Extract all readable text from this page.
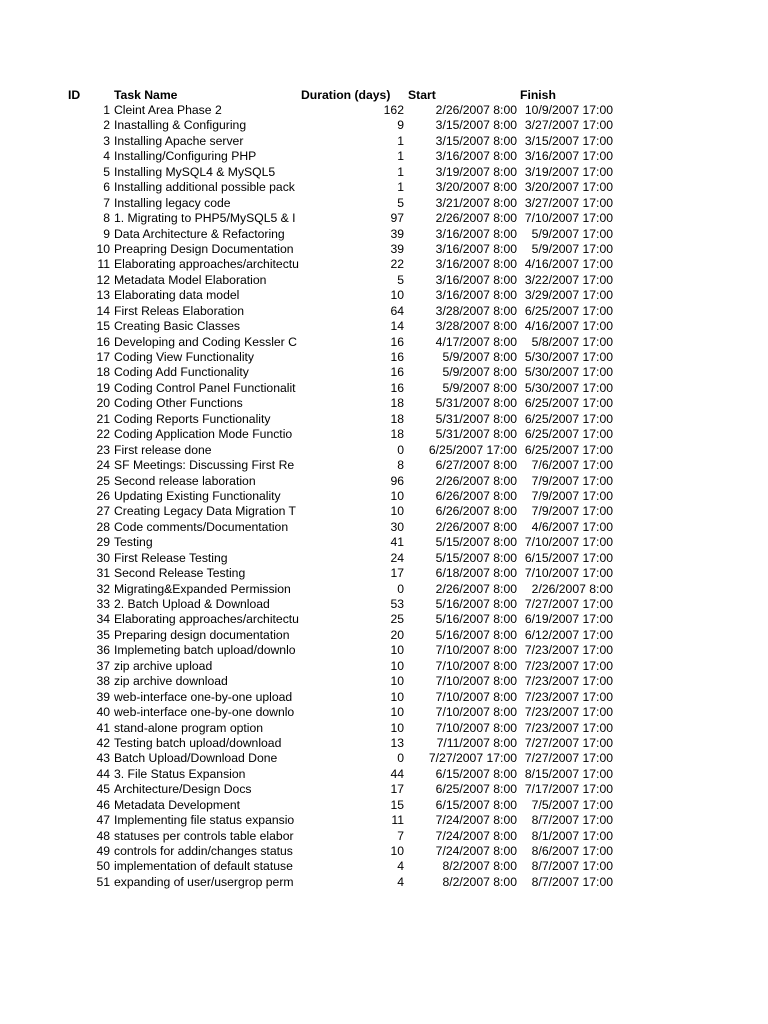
ID	Task Name	Duration (days) Start	Finish
1 Cleint Area Phase 2	162	2/26/2007 8:00 10/9/2007 17:00
2 Inastalling & Configuring	9	3/15/2007 8:00 3/27/2007 17:00
3 Installing Apache server	1	3/15/2007 8:00 3/15/2007 17:00
4 Installing/Configuring PHP	1	3/16/2007 8:00 3/16/2007 17:00
5 Installing MySQL4 & MySQL5	1	3/19/2007 8:00 3/19/2007 17:00
6 Installing additional possible pack	1	3/20/2007 8:00 3/20/2007 17:00
7 Installing legacy code	5	3/21/2007 8:00 3/27/2007 17:00
8 1. Migrating to PHP5/MySQL5 & I	97	2/26/2007 8:00 7/10/2007 17:00
9 Data Architecture & Refactoring	39	3/16/2007 8:00	5/9/2007 17:00
10 Preapring Design Documentation	39	3/16/2007 8:00	5/9/2007 17:00
11 Elaborating approaches/architectu	22	3/16/2007 8:00 4/16/2007 17:00
12 Metadata Model Elaboration	5	3/16/2007 8:00 3/22/2007 17:00
13 Elaborating data model	10	3/16/2007 8:00 3/29/2007 17:00
14 First Releas Elaboration	64	3/28/2007 8:00 6/25/2007 17:00
15 Creating Basic Classes	14	3/28/2007 8:00 4/16/2007 17:00
16 Developing and Coding Kessler C	16	4/17/2007 8:00	5/8/2007 17:00
17 Coding View Functionality	16	5/9/2007 8:00 5/30/2007 17:00
18 Coding Add Functionality	16	5/9/2007 8:00 5/30/2007 17:00
19 Coding Control Panel Functionalit	16	5/9/2007 8:00 5/30/2007 17:00
20 Coding Other Functions	18	5/31/2007 8:00 6/25/2007 17:00
21 Coding Reports Functionality	18	5/31/2007 8:00 6/25/2007 17:00
22 Coding Application Mode Functio	18	5/31/2007 8:00 6/25/2007 17:00
23 First release done	0	6/25/2007 17:00 6/25/2007 17:00
24 SF Meetings: Discussing First Re	8	6/27/2007 8:00	7/6/2007 17:00
25 Second release laboration	96	2/26/2007 8:00	7/9/2007 17:00
26 Updating Existing Functionality	10	6/26/2007 8:00	7/9/2007 17:00
27 Creating Legacy Data Migration T	10	6/26/2007 8:00	7/9/2007 17:00
28 Code comments/Documentation	30	2/26/2007 8:00	4/6/2007 17:00
29 Testing	41	5/15/2007 8:00 7/10/2007 17:00
30 First Release Testing	24	5/15/2007 8:00 6/15/2007 17:00
31 Second Release Testing	17	6/18/2007 8:00 7/10/2007 17:00
32 Migrating&Expanded Permission	0	2/26/2007 8:00	2/26/2007 8:00
33 2. Batch Upload & Download	53	5/16/2007 8:00 7/27/2007 17:00
34 Elaborating approaches/architectu	25	5/16/2007 8:00 6/19/2007 17:00
35 Preparing design documentation	20	5/16/2007 8:00 6/12/2007 17:00
36 Implemeting batch upload/downlo	10	7/10/2007 8:00 7/23/2007 17:00
37 zip archive upload	10	7/10/2007 8:00 7/23/2007 17:00
38 zip archive download	10	7/10/2007 8:00 7/23/2007 17:00
39 web-interface one-by-one upload	10	7/10/2007 8:00 7/23/2007 17:00
40 web-interface one-by-one downlo	10	7/10/2007 8:00 7/23/2007 17:00
41 stand-alone program option	10	7/10/2007 8:00 7/23/2007 17:00
42 Testing batch upload/download	13	7/11/2007 8:00 7/27/2007 17:00
43 Batch Upload/Download Done	0	7/27/2007 17:00 7/27/2007 17:00
44 3. File Status Expansion	44	6/15/2007 8:00 8/15/2007 17:00
45 Architecture/Design Docs	17	6/25/2007 8:00 7/17/2007 17:00
46 Metadata Development	15	6/15/2007 8:00	7/5/2007 17:00
47 Implementing file status expansio	11	7/24/2007 8:00	8/7/2007 17:00
48 statuses per controls table elabor	7	7/24/2007 8:00	8/1/2007 17:00
49 controls for addin/changes status	10	7/24/2007 8:00	8/6/2007 17:00
50 implementation of default statuse	4	8/2/2007 8:00	8/7/2007 17:00
51 expanding of user/usergrop perm	4	8/2/2007 8:00	8/7/2007 17:00
